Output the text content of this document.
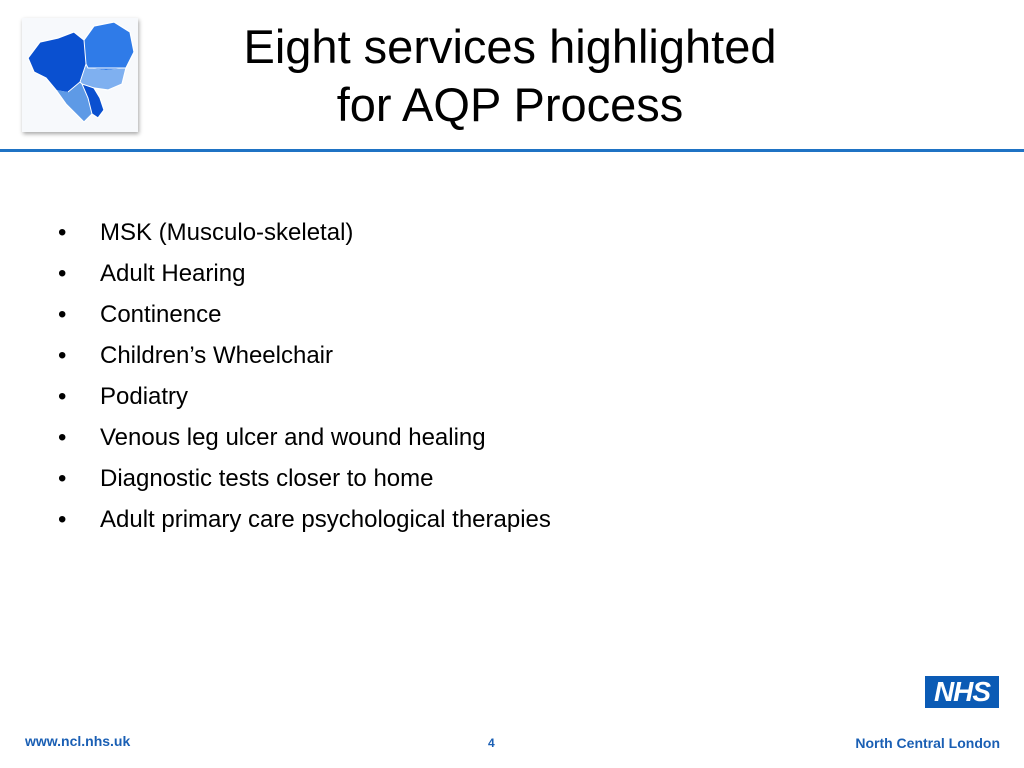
Eight services highlighted
for AQP Process
• MSK (Musculo-skeletal)
• Adult Hearing
• Continence
• Children’s Wheelchair
• Podiatry
• Venous leg ulcer and wound healing
• Diagnostic tests closer to home
• Adult primary care psychological therapies
www.ncl.nhs.uk	4
NHS
North Central London
